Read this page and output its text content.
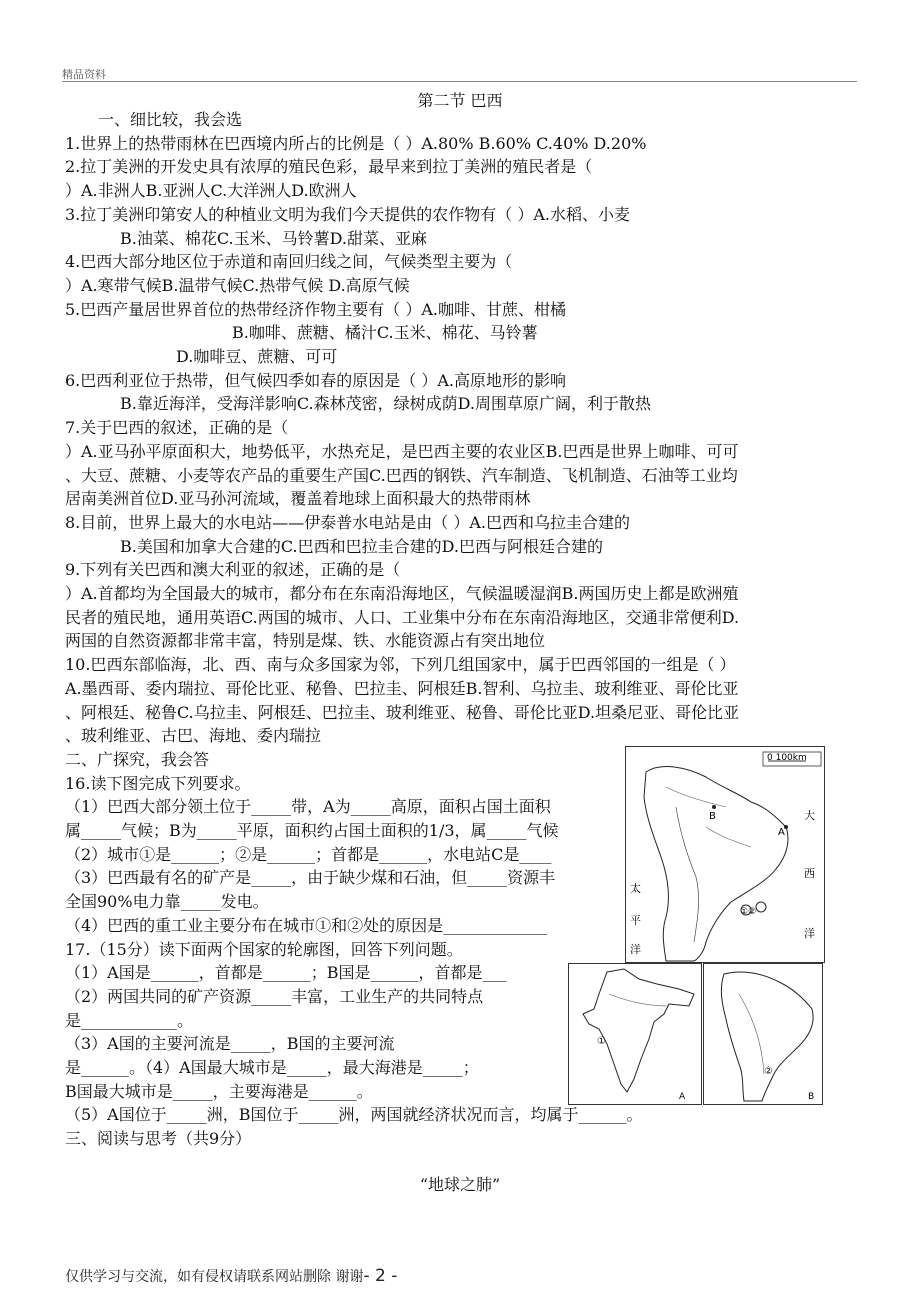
精品资料
第二节 巴西
一、细比较，我会选
1.世界上的热带雨林在巴西境内所占的比例是（ ）A.80% B.60% C.40% D.20%
2.拉丁美洲的开发史具有浓厚的殖民色彩，最早来到拉丁美洲的殖民者是（
）A.非洲人B.亚洲人C.大洋洲人D.欧洲人
3.拉丁美洲印第安人的种植业文明为我们今天提供的农作物有（ ）A.水稻、小麦
B.油菜、棉花C.玉米、马铃薯D.甜菜、亚麻
4.巴西大部分地区位于赤道和南回归线之间，气候类型主要为（
）A.寒带气候B.温带气候C.热带气候 D.高原气候
5.巴西产量居世界首位的热带经济作物主要有（ ）A.咖啡、甘蔗、柑橘
B.咖啡、蔗糖、橘汁C.玉米、棉花、马铃薯
D.咖啡豆、蔗糖、可可
6.巴西利亚位于热带，但气候四季如春的原因是（ ）A.高原地形的影响
B.靠近海洋，受海洋影响C.森林茂密，绿树成荫D.周围草原广阔，利于散热
7.关于巴西的叙述，正确的是（
）A.亚马孙平原面积大，地势低平，水热充足，是巴西主要的农业区B.巴西是世界上咖啡、可可
、大豆、蔗糖、小麦等农产品的重要生产国C.巴西的钢铁、汽车制造、飞机制造、石油等工业均
居南美洲首位D.亚马孙河流域，覆盖着地球上面积最大的热带雨林
8.目前，世界上最大的水电站——伊泰普水电站是由（ ）A.巴西和乌拉圭合建的
B.美国和加拿大合建的C.巴西和巴拉圭合建的D.巴西与阿根廷合建的
9.下列有关巴西和澳大利亚的叙述，正确的是（
）A.首都均为全国最大的城市，都分布在东南沿海地区，气候温暖湿润B.两国历史上都是欧洲殖
民者的殖民地，通用英语C.两国的城市、人口、工业集中分布在东南沿海地区，交通非常便利D.
两国的自然资源都非常丰富，特别是煤、铁、水能资源占有突出地位
10.巴西东部临海，北、西、南与众多国家为邻，下列几组国家中，属于巴西邻国的一组是（ ）
A.墨西哥、委内瑞拉、哥伦比亚、秘鲁、巴拉圭、阿根廷B.智利、乌拉圭、玻利维亚、哥伦比亚
、阿根廷、秘鲁C.乌拉圭、阿根廷、巴拉圭、玻利维亚、秘鲁、哥伦比亚D.坦桑尼亚、哥伦比亚
、玻利维亚、古巴、海地、委内瑞拉
二、广探究，我会答
16.读下图完成下列要求。
（1）巴西大部分领土位于_____带，A为_____高原，面积占国土面积
属_____气候；B为_____平原，面积约占国土面积的1/3，属_____气候
（2）城市①是______；②是______；首都是______，水电站C是____
（3）巴西最有名的矿产是_____，由于缺少煤和石油，但_____资源丰
全国90%电力靠_____发电。
（4）巴西的重工业主要分布在城市①和②处的原因是_____________
17.（15分）读下面两个国家的轮廓图，回答下列问题。
（1）A国是______，首都是______；B国是______，首都是___
（2）两国共同的矿产资源_____丰富，工业生产的共同特点
是____________。
（3）A国的主要河流是_____，B国的主要河流
是______。（4）A国最大城市是_____，最大海港是_____；
B国最大城市是_____，主要海港是______。
（5）A国位于_____洲，B国位于_____洲，两国就经济状况而言，均属于______。
三、阅读与思考（共9分）
0 100km
B
A
①②
大
西
洋
太
平
洋
①
A
②
B
“地球之肺”
仅供学习与交流，如有侵权请联系网站删除 谢谢- 2 -
